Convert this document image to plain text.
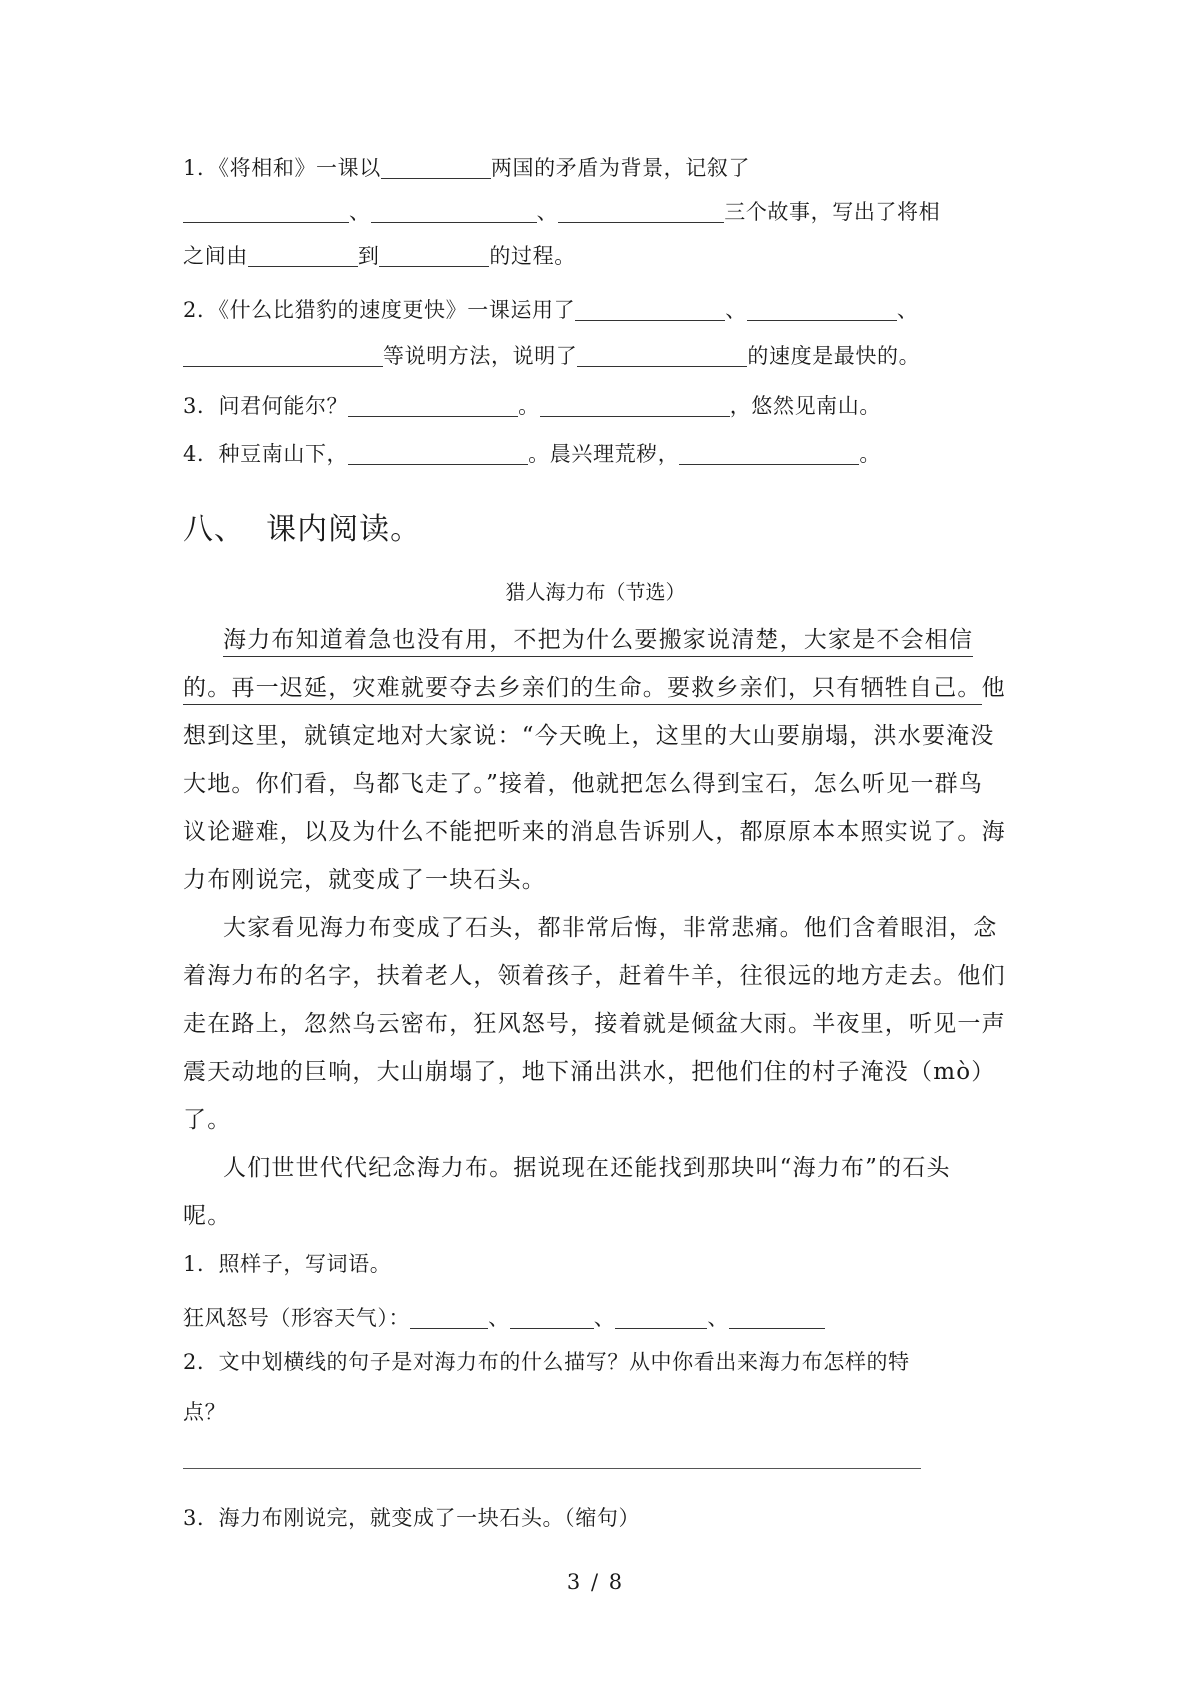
1．《将相和》一课以	两国的矛盾为背景，记叙了
、	、	三个故事，写出了将相
之间由	到	的过程。
2．《什么比猎豹的速度更快》一课运用了	、	、
等说明方法，说明了	的速度是最快的。
3．问君何能尔？	。	，悠然见南山。
4．种豆南山下，	。晨兴理荒秽，	。
八、 课内阅读。
猎人海力布（节选）
海力布知道着急也没有用，不把为什么要搬家说清楚，大家是不会相信
的。再一迟延，灾难就要夺去乡亲们的生命。要救乡亲们，只有牺牲自己。他
想到这里，就镇定地对大家说：“今天晚上，这里的大山要崩塌，洪水要淹没
大地。你们看，鸟都飞走了。”接着，他就把怎么得到宝石，怎么听见一群鸟
议论避难，以及为什么不能把听来的消息告诉别人，都原原本本照实说了。海
力布刚说完，就变成了一块石头。
大家看见海力布变成了石头，都非常后悔，非常悲痛。他们含着眼泪，念
着海力布的名字，扶着老人，领着孩子，赶着牛羊，往很远的地方走去。他们
走在路上，忽然乌云密布，狂风怒号，接着就是倾盆大雨。半夜里，听见一声
震天动地的巨响，大山崩塌了，地下涌出洪水，把他们住的村子淹没（mò）
了。
人们世世代代纪念海力布。据说现在还能找到那块叫“海力布”的石头
呢。
1．照样子，写词语。
狂风怒号（形容天气）：	、	、	、
2．文中划横线的句子是对海力布的什么描写？从中你看出来海力布怎样的特
点？
3．海力布刚说完，就变成了一块石头。（缩句）
3 / 8
